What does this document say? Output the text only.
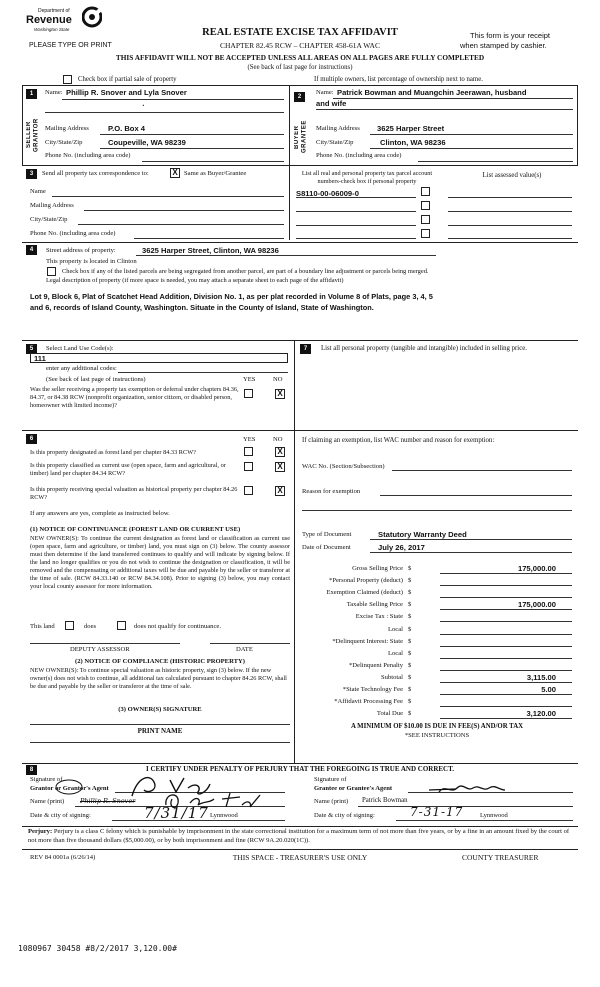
Department of
Revenue
Washington State
PLEASE TYPE OR PRINT
REAL ESTATE EXCISE TAX AFFIDAVIT
CHAPTER 82.45 RCW – CHAPTER 458-61A WAC
THIS AFFIDAVIT WILL NOT BE ACCEPTED UNLESS ALL AREAS ON ALL PAGES ARE FULLY COMPLETED
(See back of last page for instructions)
This form is your receipt
when stamped by cashier.
Check box if partial sale of property	If multiple owners, list percentage of ownership next to name.
1
SELLER GRANTOR
Name: Phillip R. Snover and Lyla Snover
·
Mailing Address	P.O. Box 4
City/State/Zip	Coupeville, WA 98239
Phone No. (including area code)
2
BUYER GRANTEE
Name: Patrick Bowman and Muangchin Jeerawan, husband
and wife
Mailing Address 3625 Harper Street
City/State/Zip	Clinton, WA 98236
Phone No. (including area code)
3	Send all property tax correspondence to:	X Same as Buyer/Grantee
Name
Mailing Address
City/State/Zip
Phone No. (including area code)
List all real and personal property tax parcel account
numbers-check box if personal property
List assessed value(s)
S8110-00-06009-0
4	Street address of property:	3625 Harper Street, Clinton, WA 98236
This property is located in Clinton
Check box if any of the listed parcels are being segregated from another parcel, are part of a boundary line adjustment or parcels being merged.
Legal description of property (if more space is needed, you may attach a separate sheet to each page of the affidavit)
Lot 9, Block 6, Plat of Scatchet Head Addition, Division No. 1, as per plat recorded in Volume 8 of Plats, page 3, 4, 5
and 6, records of Island County, Washington. Situate in the County of Island, State of Washington.
5	Select Land Use Code(s):
111
enter any additional codes:
(See back of last page of instructions)	YES	NO
Was the seller receiving a property tax exemption or deferral under chapters 84.36, 84.37, or 84.38 RCW (nonprofit organization, senior citizen, or disabled person, homeowner with limited income)?
X
7	List all personal property (tangible and intangible) included in selling price.
If claiming an exemption, list WAC number and reason for exemption:
WAC No. (Section/Subsection)
Reason for exemption
Type of Document	Statutory Warranty Deed
Date of Document	July 26, 2017
Gross Selling Price $	175,000.00
*Personal Property (deduct) $
Exemption Claimed (deduct) $
Taxable Selling Price $	175,000.00
Excise Tax : State $
Local $
*Delinquent Interest: State $
Local $
*Delinquent Penalty $
Subtotal $	3,115.00
*State Technology Fee $	5.00
*Affidavit Processing Fee $
Total Due $	3,120.00
A MINIMUM OF $10.00 IS DUE IN FEE(S) AND/OR TAX
*SEE INSTRUCTIONS
6	YES	NO
Is this property designated as forest land per chapter 84.33 RCW?	X
Is this property classified as current use (open space, farm and agricultural, or timber) land per chapter 84.34 RCW?
X
Is this property receiving special valuation as historical property per chapter 84.26 RCW?
X
If any answers are yes, complete as instructed below.
(1) NOTICE OF CONTINUANCE (FOREST LAND OR CURRENT USE)
NEW OWNER(S): To continue the current designation as forest land or classification as current use (open space, farm and agriculture, or timber) land, you must sign on (3) below. The county assessor must then determine if the land transferred continues to qualify and will indicate by signing below. If the land no longer qualifies or you do not wish to continue the designation or classification, it will be removed and the compensating or additional taxes will be due and payable by the seller or transferor at the time of sale. (RCW 84.33.140 or RCW 84.34.108). Prior to signing (3) below, you may contact your local county assessor for more information.
This land	does	does not qualify for continuance.
DEPUTY ASSESSOR	DATE
(2) NOTICE OF COMPLIANCE (HISTORIC PROPERTY)
NEW OWNER(S): To continue special valuation as historic property, sign (3) below. If the new owner(s) does not wish to continue, all additional tax calculated pursuant to chapter 84.26 RCW, shall be due and payable by the seller or transferor at the time of sale.
(3) OWNER(S) SIGNATURE
PRINT NAME
8	I CERTIFY UNDER PENALTY OF PERJURY THAT THE FOREGOING IS TRUE AND CORRECT.
Signature of
Grantor or Grantor's Agent
Name (print) Phillip R. Snover
Date & city of signing:	7/31/17 Lynnwood
Signature of
Grantee or Grantee's Agent
Name (print) Patrick Bowman
Date & city of signing:	7-31-17	Lynnwood
Perjury: Perjury is a class C felony which is punishable by imprisonment in the state correctional institution for a maximum term of not more than five years, or by a fine in an amount fixed by the court of not more than five thousand dollars ($5,000.00), or by both imprisonment and fine (RCW 9A.20.020(1C)).
REV 84 0001a (6/26/14)	THIS SPACE - TREASURER'S USE ONLY	COUNTY TREASURER
1080967 30458 #8/2/2017 3,120.00#
